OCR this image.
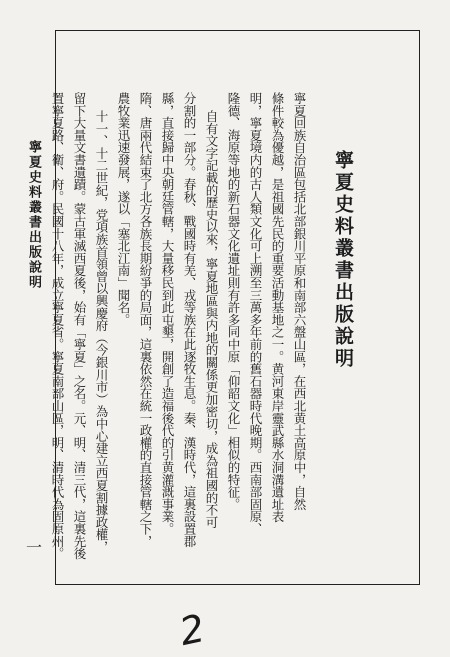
寧夏史料叢書出版說明
一
寧夏史料叢書出版說明
寧夏回族自治區包括北部銀川平原和南部六盤山區，在西北黄土高原中，自然
條件較為優越，是祖國先民的重要活動基地之一。黄河東岸靈武縣水洞溝遺址表
明，寧夏境内的古人類文化可上溯至三萬多年前的舊石器時代晚期。西南部固原、
隆德、海原等地的新石器文化遺址則有許多同中原「仰韶文化」相似的特征。
自有文字記載的歷史以來，寧夏地區與内地的關係更加密切，成為祖國的不可
分割的一部分。春秋、戰國時有羌、戎等族在此逐牧生息。秦、漢時代，這裏設置郡
縣，直接歸中央朝廷管轄，大量移民到此屯墾，開創了造福後代的引黄灌溉事業。
隋、唐兩代結束了北方各族長期紛爭的局面，這裏依然在統一政權的直接管轄之下，
農牧業迅速發展，遂以「塞北江南」聞名。
十一、十二世紀，党項族首領曾以興慶府（今銀川市）為中心建立西夏割據政權，
留下大量文書遺蹟。蒙古軍滅西夏後，始有「寧夏」之名。元、明、清三代，這裏先後
置寧夏路、衛、府。民國十八年，成立寧夏省。寧夏南部山區，明、清時代為固原州。
2
